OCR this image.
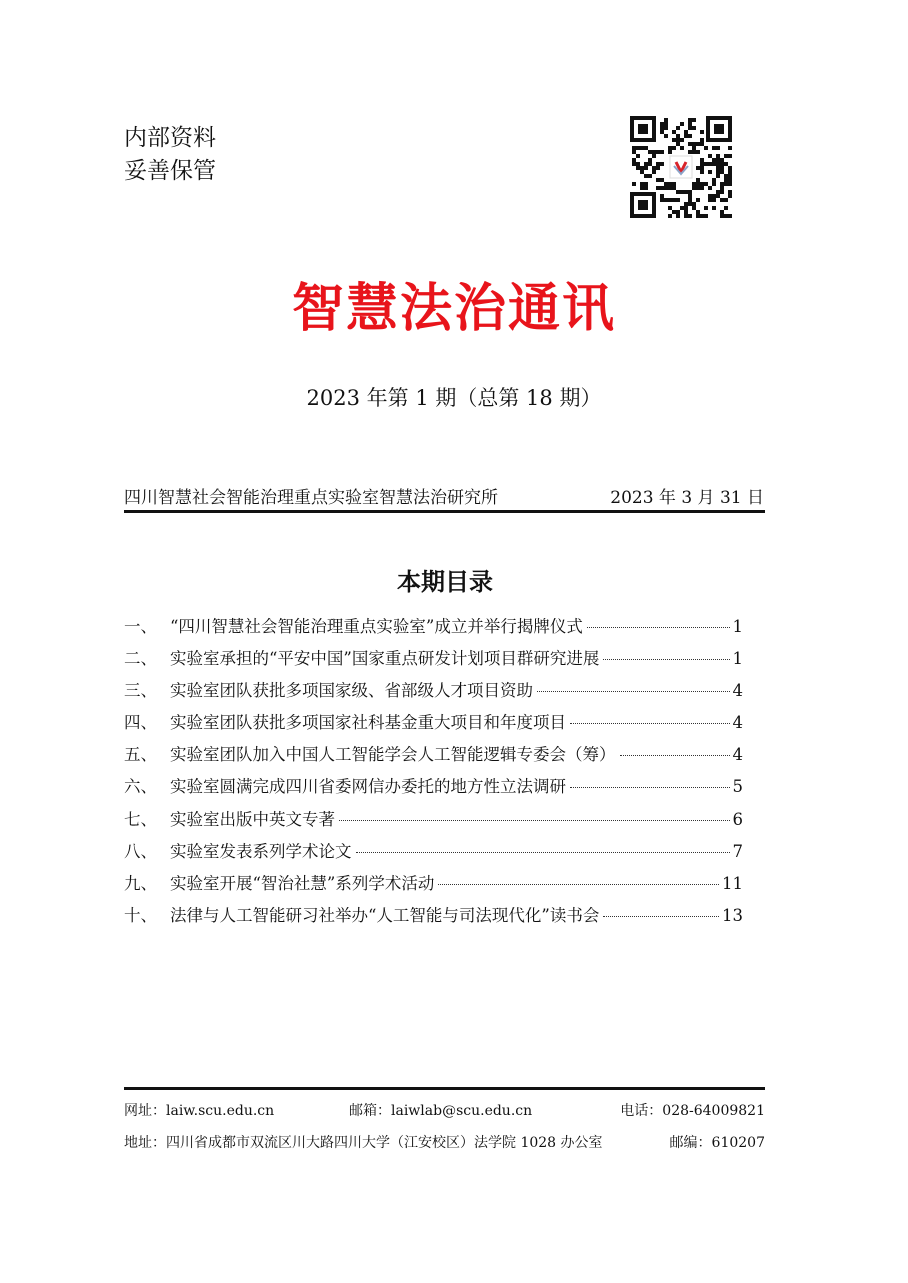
内部资料
妥善保管
智慧法治通讯
2023 年第 1 期（总第 18 期）
四川智慧社会智能治理重点实验室智慧法治研究所	2023 年 3 月 31 日
本期目录
一、 “四川智慧社会智能治理重点实验室”成立并举行揭牌仪式	1
二、 实验室承担的“平安中国”国家重点研发计划项目群研究进展	1
三、 实验室团队获批多项国家级、省部级人才项目资助	4
四、 实验室团队获批多项国家社科基金重大项目和年度项目	4
五、 实验室团队加入中国人工智能学会人工智能逻辑专委会（筹）	4
六、 实验室圆满完成四川省委网信办委托的地方性立法调研	5
七、 实验室出版中英文专著	6
八、 实验室发表系列学术论文	7
九、 实验室开展“智治社慧”系列学术活动	11
十、 法律与人工智能研习社举办“人工智能与司法现代化”读书会	13
网址：laiw.scu.edu.cn	邮箱：laiwlab@scu.edu.cn	电话：028-64009821
地址：四川省成都市双流区川大路四川大学（江安校区）法学院 1028 办公室	邮编：610207
